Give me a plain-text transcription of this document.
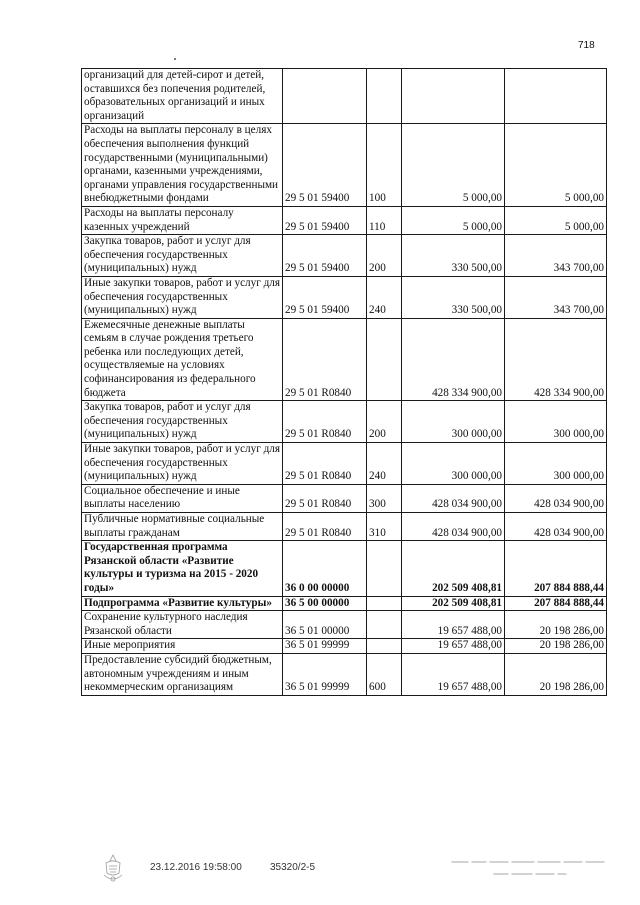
718
организаций для детей-сирот и детей, оставшихся без попечения родителей, образовательных организаций и иных организаций				
Расходы на выплаты персоналу в целях обеспечения выполнения функций государственными (муниципальными) органами, казенными учреждениями, органами управления государственными внебюджетными фондами	29 5 01 59400	100	5 000,00	5 000,00
Расходы на выплаты персоналу казенных учреждений	29 5 01 59400	110	5 000,00	5 000,00
Закупка товаров, работ и услуг для обеспечения государственных (муниципальных) нужд	29 5 01 59400	200	330 500,00	343 700,00
Иные закупки товаров, работ и услуг для обеспечения государственных (муниципальных) нужд	29 5 01 59400	240	330 500,00	343 700,00
Ежемесячные денежные выплаты семьям в случае рождения третьего ребенка или последующих детей, осуществляемые на условиях софинансирования из федерального бюджета	29 5 01 R0840		428 334 900,00	428 334 900,00
Закупка товаров, работ и услуг для обеспечения государственных (муниципальных) нужд	29 5 01 R0840	200	300 000,00	300 000,00
Иные закупки товаров, работ и услуг для обеспечения государственных (муниципальных) нужд	29 5 01 R0840	240	300 000,00	300 000,00
Социальное обеспечение и иные выплаты населению	29 5 01 R0840	300	428 034 900,00	428 034 900,00
Публичные нормативные социальные выплаты гражданам	29 5 01 R0840	310	428 034 900,00	428 034 900,00
Государственная программа Рязанской области «Развитие культуры и туризма на 2015 - 2020 годы»	36 0 00 00000		202 509 408,81	207 884 888,44
Подпрограмма «Развитие культуры»	36 5 00 00000		202 509 408,81	207 884 888,44
Сохранение культурного наследия Рязанской области	36 5 01 00000		19 657 488,00	20 198 286,00
Иные мероприятия	36 5 01 99999		19 657 488,00	20 198 286,00
Предоставление субсидий бюджетным, автономным учреждениям и иным некоммерческим организациям	36 5 01 99999	600	19 657 488,00	20 198 286,00
23.12.2016 19:58:00	35320/2-5
